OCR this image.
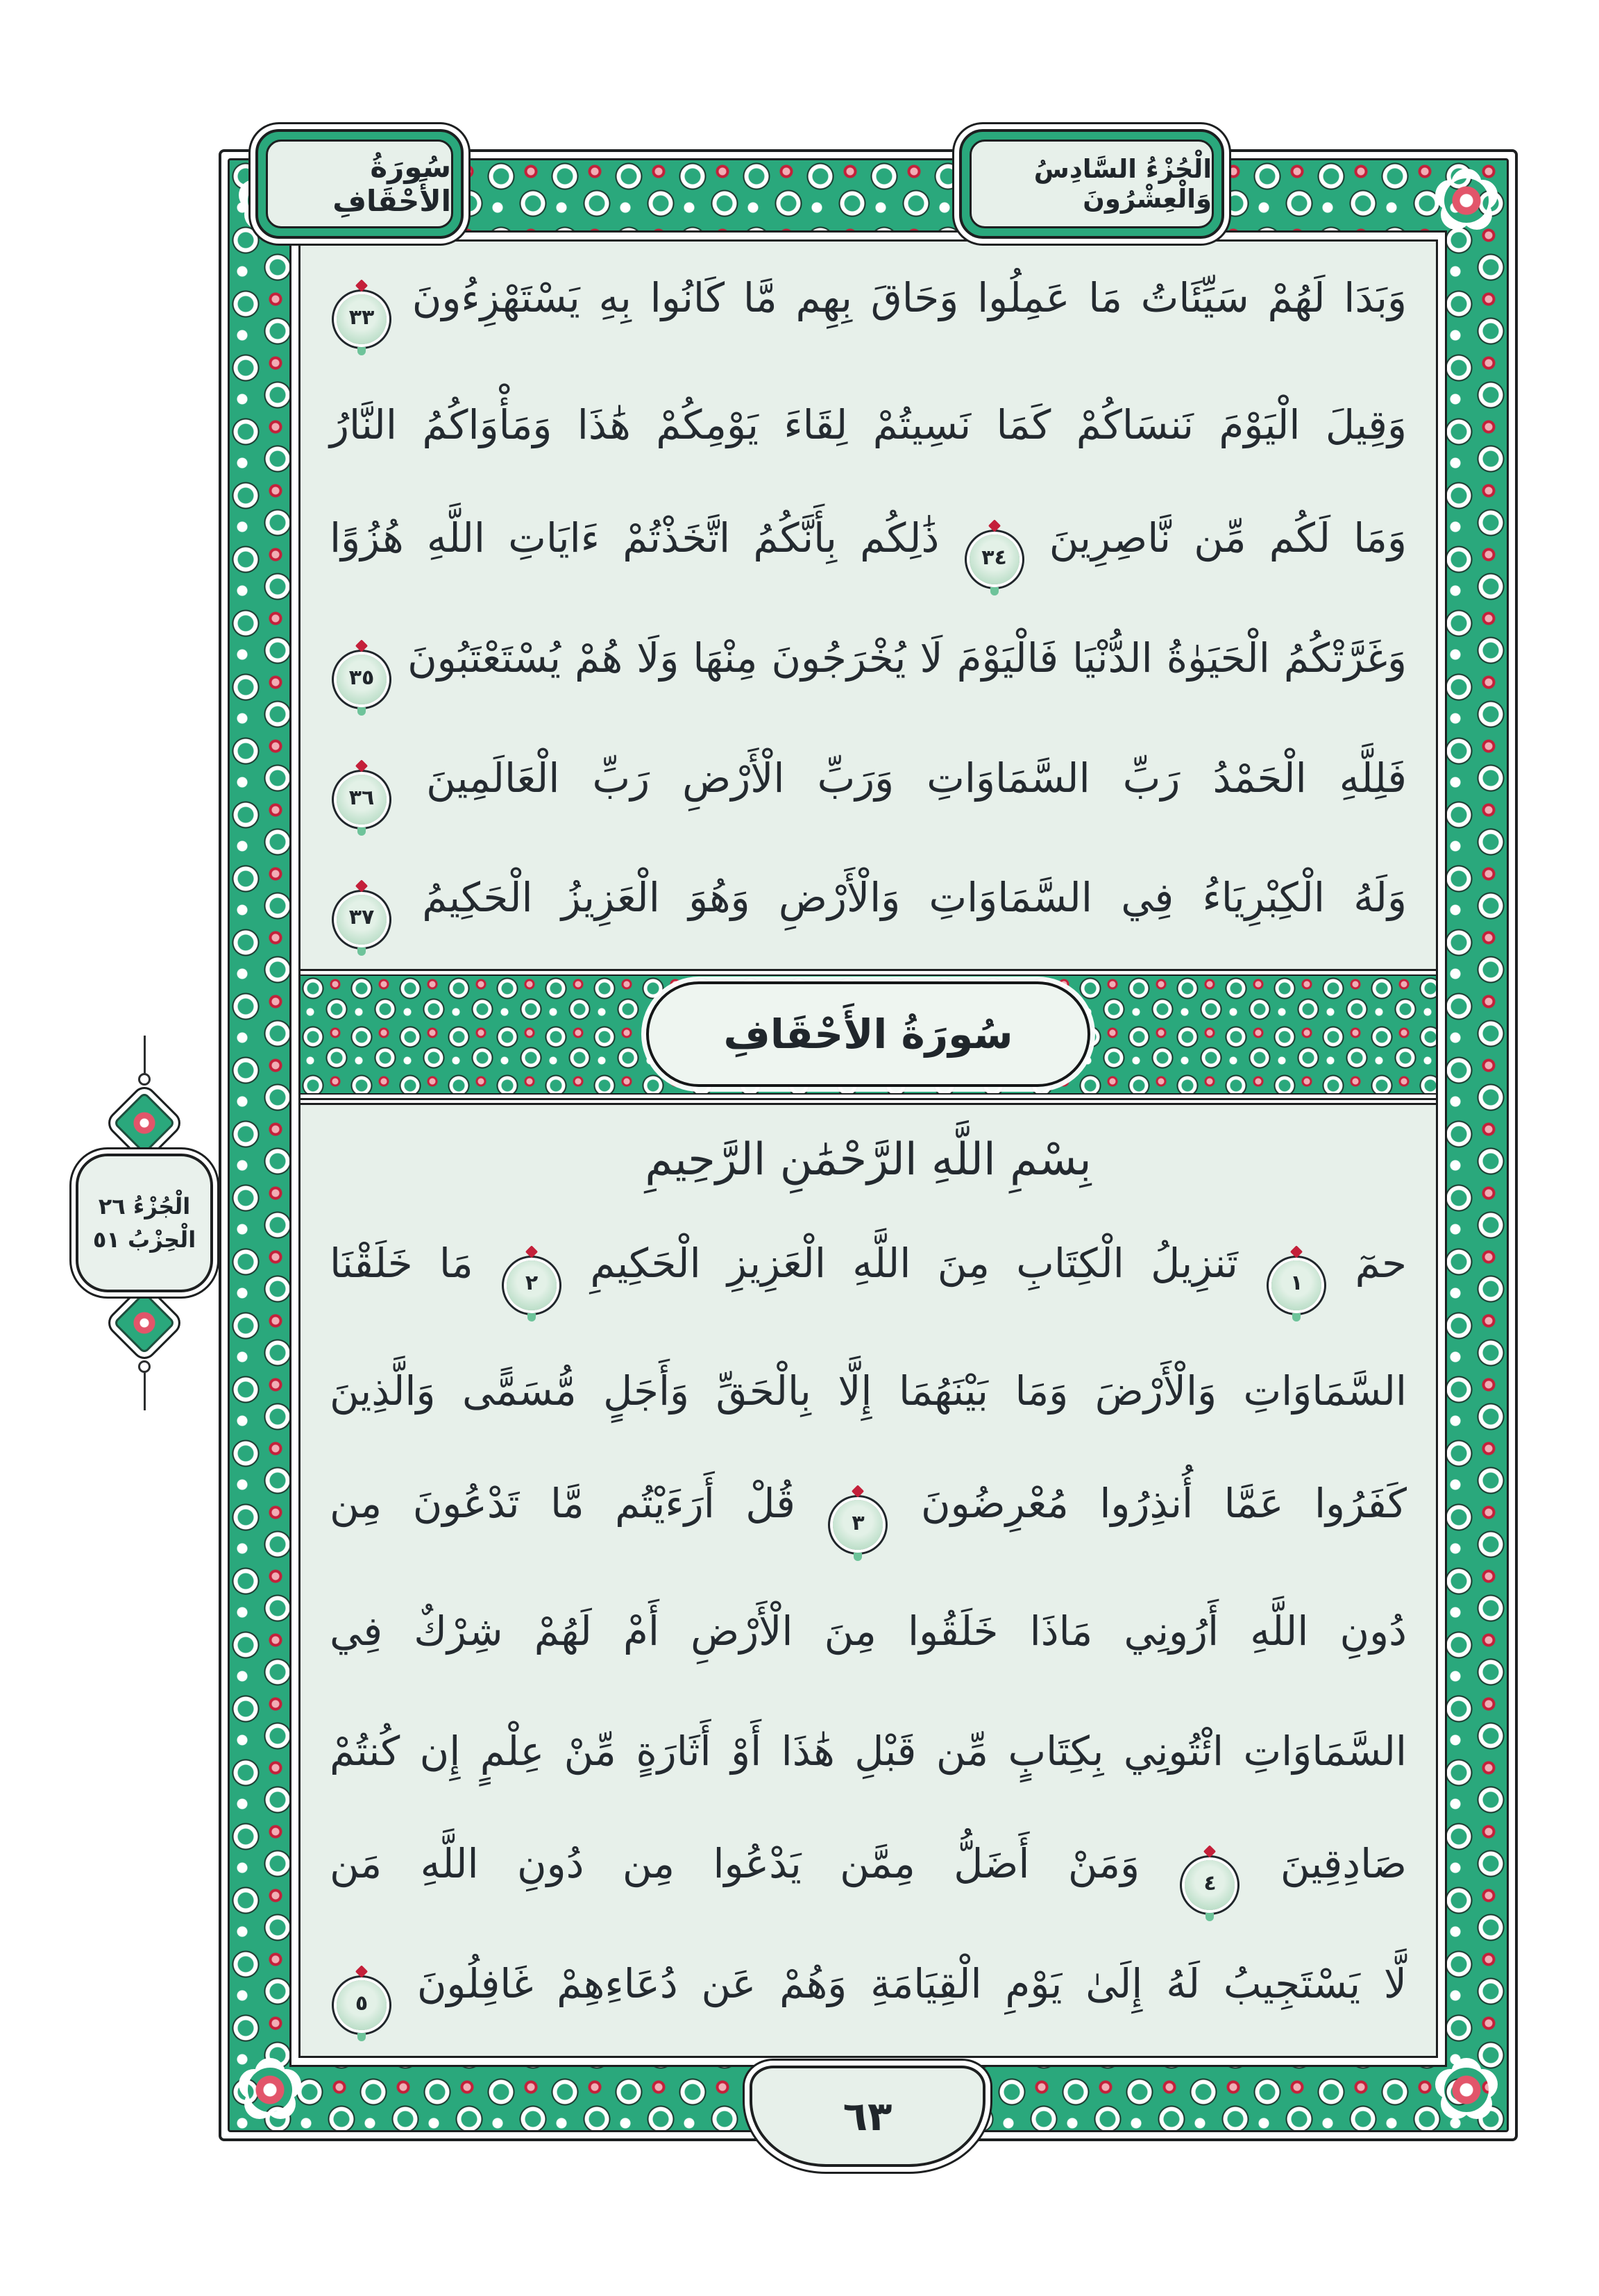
سُورَةُ الأَحْقَافِ
الْجُزْءُ السَّادِسُ وَالْعِشْرُونَ

وَبَدَا لَهُمْ سَيِّئَاتُ مَا عَمِلُوا وَحَاقَ بِهِم مَّا كَانُوا بِهِ يَسْتَهْزِءُونَ
٣٣

وَقِيلَ الْيَوْمَ نَنسَاكُمْ كَمَا نَسِيتُمْ لِقَاءَ يَوْمِكُمْ هَٰذَا وَمَأْوَاكُمُ النَّارُ

وَمَا لَكُم مِّن نَّاصِرِينَ
٣٤
ذَٰلِكُم بِأَنَّكُمُ اتَّخَذْتُمْ ءَايَاتِ اللَّهِ هُزُوًا

وَغَرَّتْكُمُ الْحَيَوٰةُ الدُّنْيَا فَالْيَوْمَ لَا يُخْرَجُونَ مِنْهَا وَلَا هُمْ يُسْتَعْتَبُونَ
٣٥

فَلِلَّهِ الْحَمْدُ رَبِّ السَّمَاوَاتِ وَرَبِّ الْأَرْضِ رَبِّ الْعَالَمِينَ
٣٦

وَلَهُ الْكِبْرِيَاءُ فِي السَّمَاوَاتِ وَالْأَرْضِ وَهُوَ الْعَزِيزُ الْحَكِيمُ
٣٧

سُورَةُ الأَحْقَافِ
بِسْمِ اللَّهِ الرَّحْمَٰنِ الرَّحِيمِ

حمٓ
١
تَنزِيلُ الْكِتَابِ مِنَ اللَّهِ الْعَزِيزِ الْحَكِيمِ
٢
مَا خَلَقْنَا

السَّمَاوَاتِ وَالْأَرْضَ وَمَا بَيْنَهُمَا إِلَّا بِالْحَقِّ وَأَجَلٍ مُّسَمًّى وَالَّذِينَ

كَفَرُوا عَمَّا أُنذِرُوا مُعْرِضُونَ
٣
قُلْ أَرَءَيْتُم مَّا تَدْعُونَ مِن

دُونِ اللَّهِ أَرُونِي مَاذَا خَلَقُوا مِنَ الْأَرْضِ أَمْ لَهُمْ شِرْكٌ فِي

السَّمَاوَاتِ ائْتُونِي بِكِتَابٍ مِّن قَبْلِ هَٰذَا أَوْ أَثَارَةٍ مِّنْ عِلْمٍ إِن كُنتُمْ

صَادِقِينَ
٤
وَمَنْ أَضَلُّ مِمَّن يَدْعُوا مِن دُونِ اللَّهِ مَن

لَّا يَسْتَجِيبُ لَهُ إِلَىٰ يَوْمِ الْقِيَامَةِ وَهُمْ عَن دُعَاءِهِمْ غَافِلُونَ
٥

الْجُزْءُ ٢٦
الْحِزْبُ ٥١
٦٣
